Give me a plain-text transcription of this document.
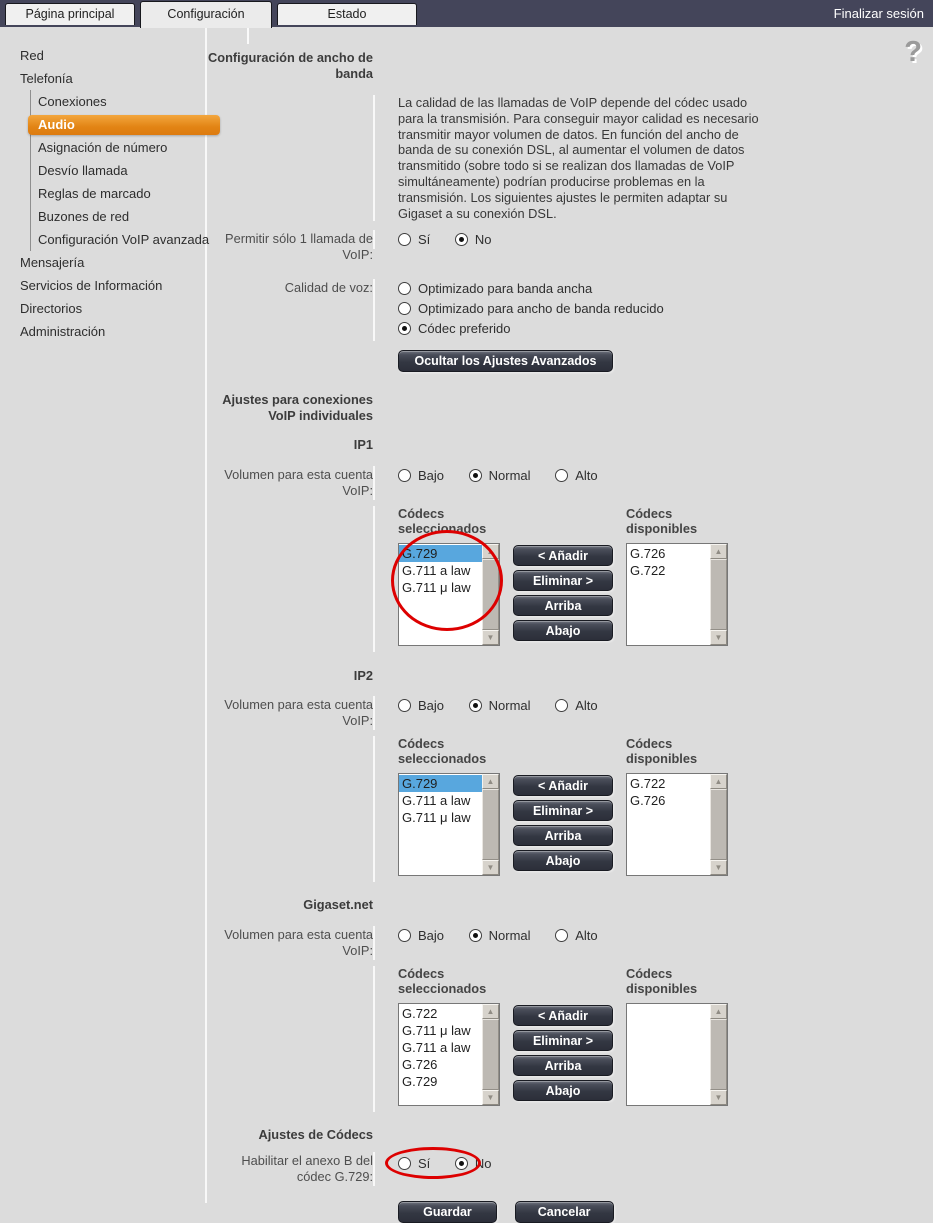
Página principal	Configuración	Estado	Finalizar sesión
?
Red
Telefonía
Conexiones
Audio
Asignación de número
Desvío llamada
Reglas de marcado
Buzones de red
Configuración VoIP avanzada
Mensajería
Servicios de Información
Directorios
Administración
Configuración de ancho de banda
La calidad de las llamadas de VoIP depende del códec usado para la transmisión. Para conseguir mayor calidad es necesario transmitir mayor volumen de datos. En función del ancho de banda de su conexión DSL, al aumentar el volumen de datos transmitido (sobre todo si se realizan dos llamadas de VoIP simultáneamente) podrían producirse problemas en la transmisión. Los siguientes ajustes le permiten adaptar su Gigaset a su conexión DSL.
Permitir sólo 1 llamada de VoIP:
Sí
	No
Calidad de voz:	Optimizado para banda ancha
Optimizado para ancho de banda reducido
Códec preferido
Ocultar los Ajustes Avanzados
Ajustes para conexiones VoIP individuales
IP1
Volumen para esta cuenta VoIP:
Bajo
	Normal
	Alto
Códecs seleccionados
G.729
G.711 a law
G.711 μ law
▲
▼
< Añadir
Eliminar >
Arriba
Abajo
Códecs disponibles
G.726
G.722
▲
▼
IP2
Volumen para esta cuenta VoIP:
Bajo
	Normal
	Alto
Códecs seleccionados
G.729
G.711 a law
G.711 μ law
▲
▼
< Añadir
Eliminar >
Arriba
Abajo
Códecs disponibles
G.722
G.726
▲
▼
Gigaset.net
Volumen para esta cuenta VoIP:
Bajo
	Normal
	Alto
Códecs seleccionados
G.722
G.711 μ law
G.711 a law
G.726
G.729
▲
▼
< Añadir
Eliminar >
Arriba
Abajo
Códecs disponibles
▲
▼
Ajustes de Códecs
Habilitar el anexo B del códec G.729:
Sí
	No
Guardar	Cancelar
